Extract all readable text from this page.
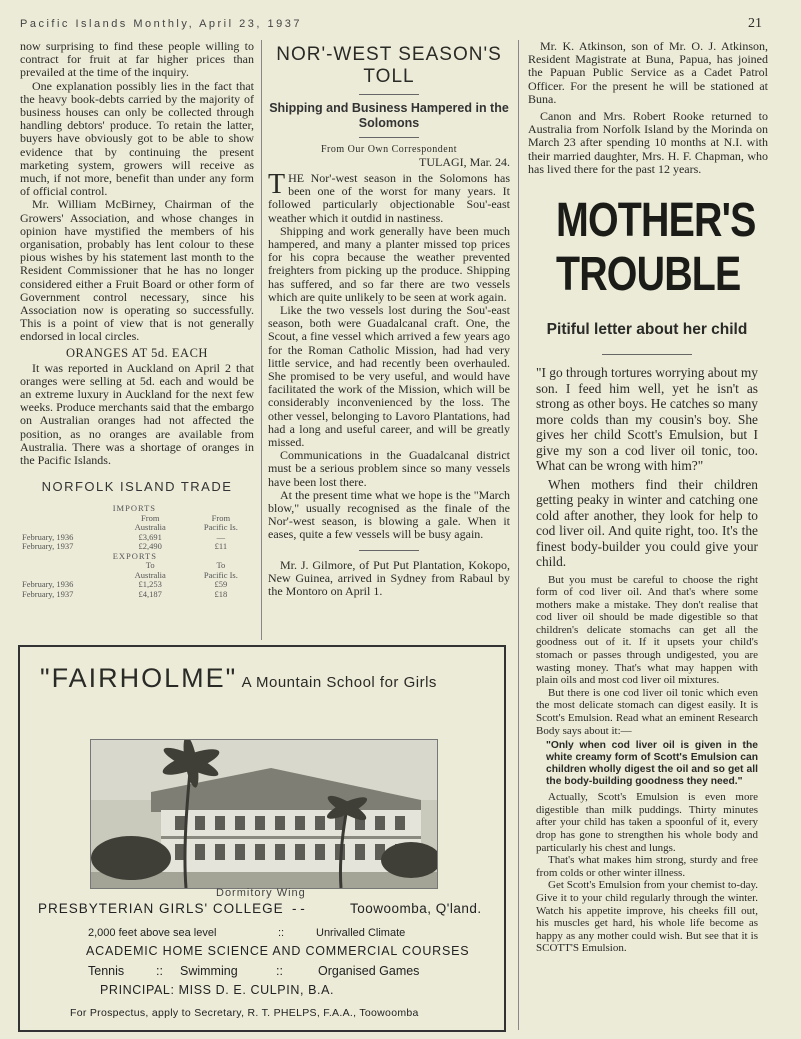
Pacific Islands Monthly, April 23, 1937	21

now surprising to find these people willing to contract for fruit at far higher prices than prevailed at the time of the inquiry.

One explanation possibly lies in the fact that the heavy book-debts carried by the majority of business houses can only be collected through handling debtors' produce. To retain the latter, buyers have obviously got to be able to show evidence that by continuing the present marketing system, growers will receive as much, if not more, benefit than under any form of official control.

Mr. William McBirney, Chairman of the Growers' Association, and whose changes in opinion have mystified the members of his organisation, probably has lent colour to these pious wishes by his statement last month to the Resident Commissioner that he has no longer considered either a Fruit Board or other form of Government control necessary, since his Association now is operating so successfully. This is a point of view that is not generally endorsed in local circles.

ORANGES AT 5d. EACH

It was reported in Auckland on April 2 that oranges were selling at 5d. each and would be an extreme luxury in Auckland for the next few weeks. Produce merchants said that the embargo on Australian oranges had not affected the position, as no oranges are available from Australia. There was a shortage of oranges in the Pacific Islands.

NORFOLK ISLAND TRADE
	IMPORTS	
	From	From
	Australia	Pacific Is.
February, 1936	£3,691	—
February, 1937	£2,490	£11
	EXPORTS	
	To	To
	Australia	Pacific Is.
February, 1936	£1,253	£59
February, 1937	£4,187	£18
NOR'-WEST SEASON'S TOLL
Shipping and Business Hampered in the Solomons
From Our Own Correspondent
TULAGI, Mar. 24.

THE Nor'-west season in the Solomons has been one of the worst for many years. It followed particularly objectionable Sou'-east weather which it outdid in nastiness.

Shipping and work generally have been much hampered, and many a planter missed top prices for his copra because the weather prevented freighters from picking up the produce. Shipping has suffered, and so far there are two vessels which are quite unlikely to be seen at work again.

Like the two vessels lost during the Sou'-east season, both were Guadalcanal craft. One, the Scout, a fine vessel which arrived a few years ago for the Roman Catholic Mission, had had very little service, and had recently been overhauled. She promised to be very useful, and would have facilitated the work of the Mission, which will be considerably inconvenienced by the loss. The other vessel, belonging to Lavoro Plantations, had had a long and useful career, and will be greatly missed.

Communications in the Guadalcanal district must be a serious problem since so many vessels have been lost there.

At the present time what we hope is the "March blow," usually recognised as the finale of the Nor'-west season, is blowing a gale. When it eases, quite a few vessels will be busy again.

Mr. J. Gilmore, of Put Put Plantation, Kokopo, New Guinea, arrived in Sydney from Rabaul by the Montoro on April 1.

Mr. K. Atkinson, son of Mr. O. J. Atkinson, Resident Magistrate at Buna, Papua, has joined the Papuan Public Service as a Cadet Patrol Officer. For the present he will be stationed at Buna.

Canon and Mrs. Robert Rooke returned to Australia from Norfolk Island by the Morinda on March 23 after spending 10 months at N.I. with their married daughter, Mrs. H. F. Chapman, who has lived there for the past 12 years.

MOTHER'S TROUBLE
Pitiful letter about her child

"I go through tortures worrying about my son. I feed him well, yet he isn't as strong as other boys. He catches so many more colds than my cousin's boy. She gives her child Scott's Emulsion, but I give my son a cod liver oil tonic, too. What can be wrong with him?"

When mothers find their children getting peaky in winter and catching one cold after another, they look for help to cod liver oil. And quite right, too. It's the finest body-builder you could give your child.

But you must be careful to choose the right form of cod liver oil. And that's where some mothers make a mistake. They don't realise that cod liver oil should be made digestible so that children's delicate stomachs can get all the goodness out of it. If it upsets your child's stomach or passes through undigested, you are wasting money. That's what may happen with plain oils and most cod liver oil mixtures.

But there is one cod liver oil tonic which even the most delicate stomach can digest easily. It is Scott's Emulsion. Read what an eminent Research Body says about it:—

"Only when cod liver oil is given in the white creamy form of Scott's Emulsion can children wholly digest the oil and so get all the body-building goodness they need."

Actually, Scott's Emulsion is even more digestible than milk puddings. Thirty minutes after your child has taken a spoonful of it, every drop has gone to strengthen his whole body and particularly his chest and lungs.

That's what makes him strong, sturdy and free from colds or other winter illness.

Get Scott's Emulsion from your chemist to-day. Give it to your child regularly through the winter. Watch his appetite improve, his cheeks fill out, his muscles get hard, his whole life become as happy as any mother could wish. But see that it is SCOTT'S Emulsion.

"FAIRHOLME" A Mountain School for Girls
Dormitory Wing
PRESBYTERIAN GIRLS' COLLEGE - -	Toowoomba, Q'land.
2,000 feet above sea level	::	Unrivalled Climate
ACADEMIC HOME SCIENCE AND COMMERCIAL COURSES
Tennis	:: Swimming	::	Organised Games
PRINCIPAL: MISS D. E. CULPIN, B.A.
For Prospectus, apply to Secretary, R. T. PHELPS, F.A.A., Toowoomba
